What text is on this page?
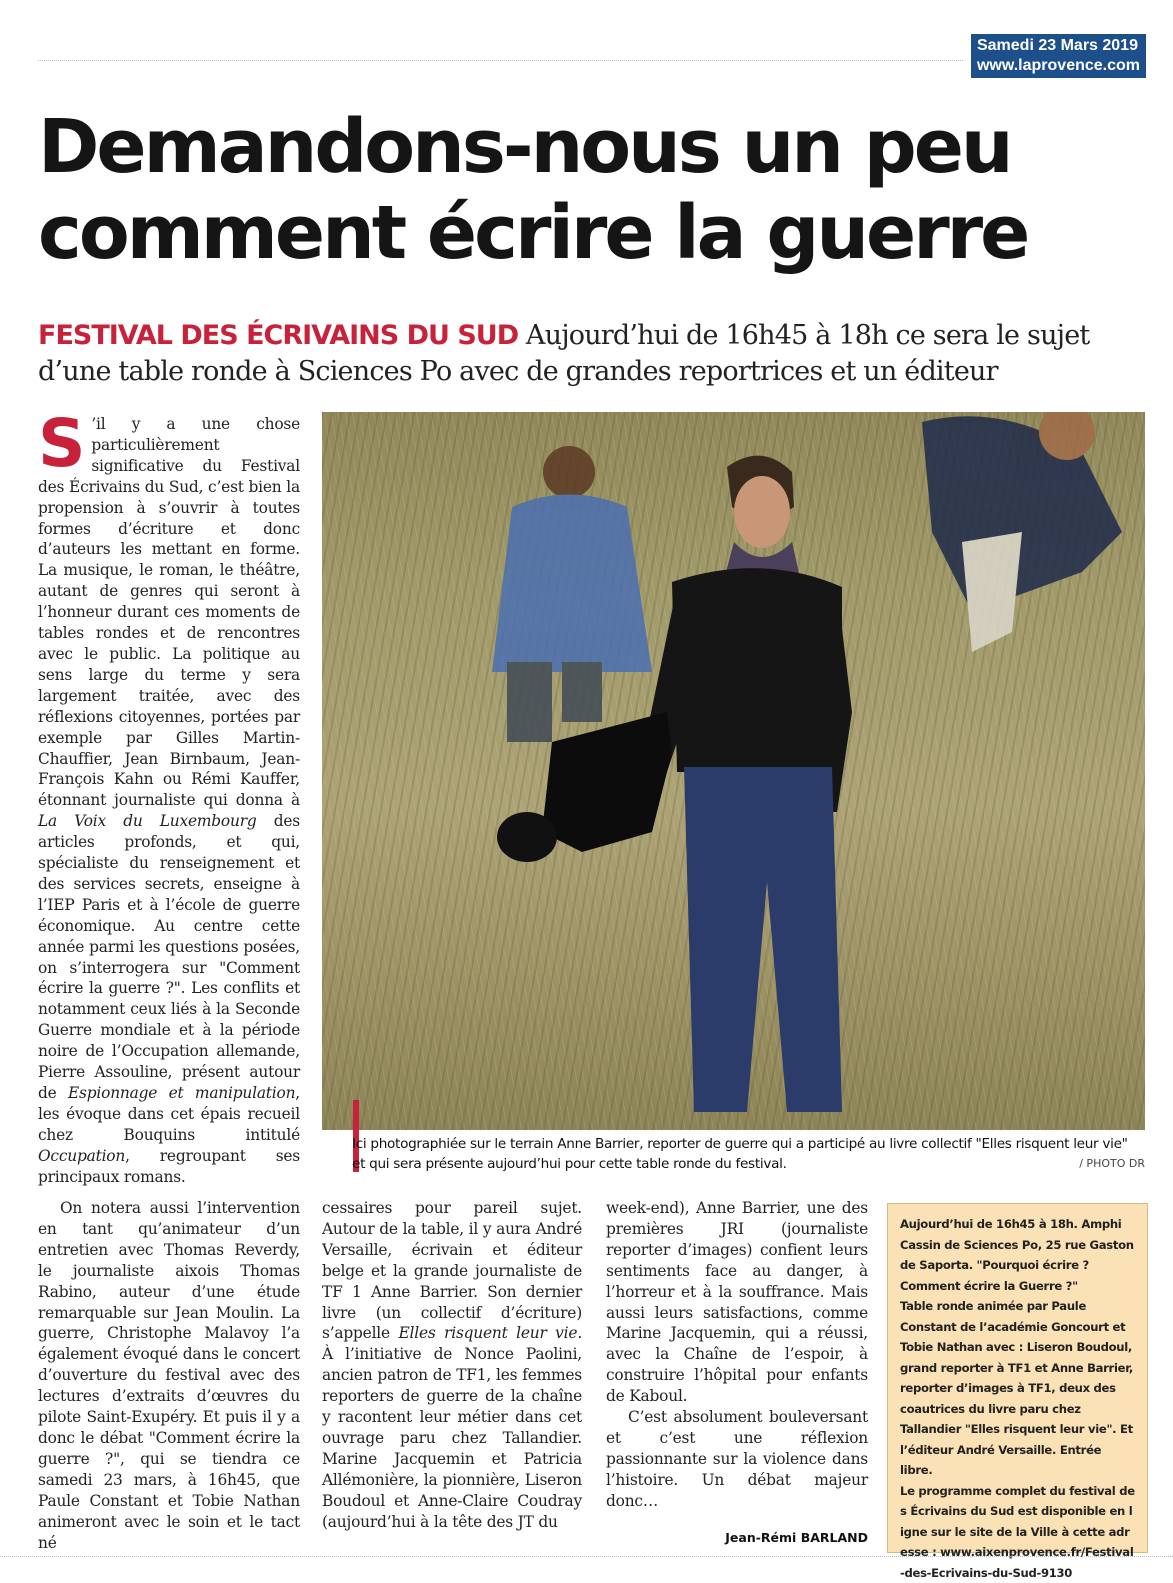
Samedi 23 Mars 2019
www.laprovence.com
Demandons-nous un peu
comment écrire la guerre
FESTIVAL DES ÉCRIVAINS DU SUD Aujourd’hui de 16h45 à 18h ce sera le sujet d’une table ronde à Sciences Po avec de grandes reportrices et un éditeur

S ’il y a une chose particulièrement significative du Festival des Écrivains du Sud, c’est bien la propension à s’ouvrir à toutes formes d’écriture et donc d’auteurs les mettant en forme. La musique, le roman, le théâtre, autant de genres qui seront à l’honneur durant ces moments de tables rondes et de rencontres avec le public. La politique au sens large du terme y sera largement traitée, avec des réflexions citoyennes, portées par exemple par Gilles Martin-Chauffier, Jean Birnbaum, Jean-François Kahn ou Rémi Kauffer, étonnant journaliste qui donna à La Voix du Luxembourg des articles profonds, et qui, spécialiste du renseignement et des services secrets, enseigne à l’IEP Paris et à l’école de guerre économique. Au centre cette année parmi les questions posées, on s’interrogera sur "Comment écrire la guerre ?". Les conflits et notamment ceux liés à la Seconde Guerre mondiale et à la période noire de l’Occupation allemande, Pierre Assouline, présent autour de Espionnage et manipulation, les évoque dans cet épais recueil chez Bouquins intitulé Occupation, regroupant ses principaux romans.

On notera aussi l’intervention en tant qu’animateur d’un entretien avec Thomas Reverdy, le journaliste aixois Thomas Rabino, auteur d’une étude remarquable sur Jean Moulin. La guerre, Christophe Malavoy l’a également évoqué dans le concert d’ouverture du festival avec des lectures d’extraits d’œuvres du pilote Saint-Exupéry. Et puis il y a donc le débat "Comment écrire la guerre ?", qui se tiendra ce samedi 23 mars, à 16h45, que Paule Constant et Tobie Nathan animeront avec le soin et le tact né

cessaires pour pareil sujet. Autour de la table, il y aura André Versaille, écrivain et éditeur belge et la grande journaliste de TF 1 Anne Barrier. Son dernier livre (un collectif d’écriture) s’appelle Elles risquent leur vie. À l’initiative de Nonce Paolini, ancien patron de TF1, les femmes reporters de guerre de la chaîne y racontent leur métier dans cet ouvrage paru chez Tallandier. Marine Jacquemin et Patricia Allémonière, la pionnière, Liseron Boudoul et Anne-Claire Coudray (aujourd’hui à la tête des JT du

week-end), Anne Barrier, une des premières JRI (journaliste reporter d’images) confient leurs sentiments face au danger, à l’horreur et à la souffrance. Mais aussi leurs satisfactions, comme Marine Jacquemin, qui a réussi, avec la Chaîne de l’espoir, à construire l’hôpital pour enfants de Kaboul.

C’est absolument bouleversant et c’est une réflexion passionnante sur la violence dans l’histoire. Un débat majeur donc…

Jean-Rémi BARLAND
Ici photographiée sur le terrain Anne Barrier, reporter de guerre qui a participé au livre collectif "Elles risquent leur vie" et qui sera présente aujourd’hui pour cette table ronde du festival.	/ PHOTO DR

Aujourd’hui de 16h45 à 18h. Amphi Cassin de Sciences Po, 25 rue Gaston de Saporta. "Pourquoi écrire ? Comment écrire la Guerre ?"

Table ronde animée par Paule Constant de l’académie Goncourt et Tobie Nathan avec : Liseron Boudoul, grand reporter à TF1 et Anne Barrier, reporter d’images à TF1, deux des coautrices du livre paru chez Tallandier "Elles risquent leur vie". Et l’éditeur André Versaille. Entrée libre.

Le programme complet du festival des Écrivains du Sud est disponible en ligne sur le site de la Ville à cette adresse : www.aixenprovence.fr/Festival-des-Ecrivains-du-Sud-9130
